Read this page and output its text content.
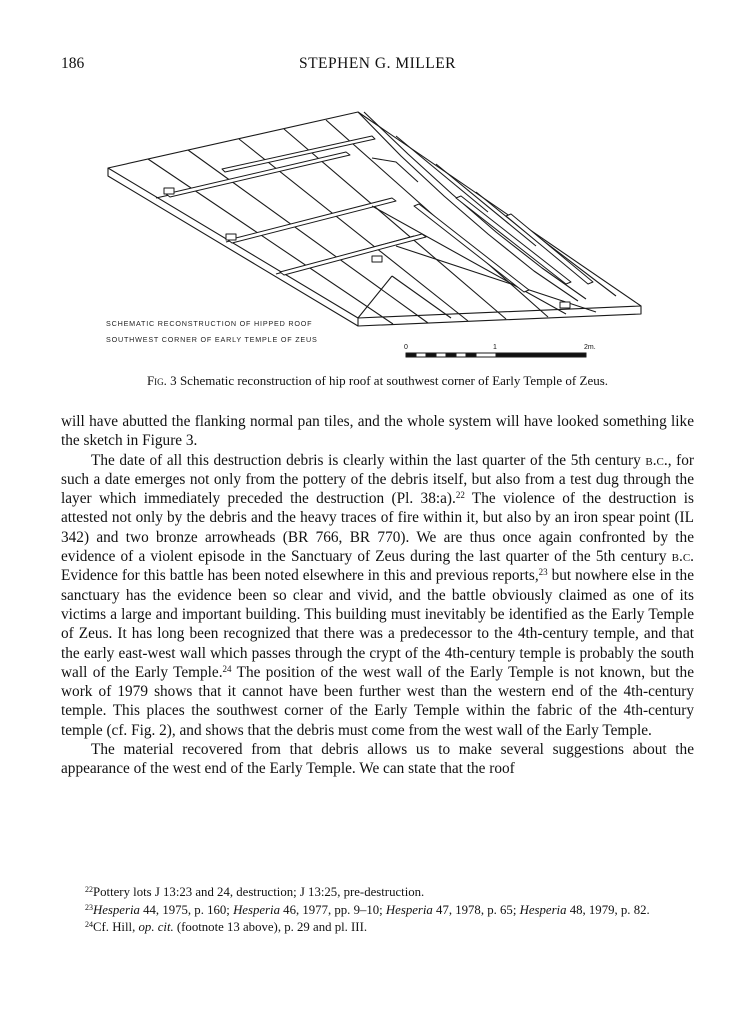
186	STEPHEN G. MILLER
0	1	2m.
SCHEMATIC RECONSTRUCTION OF HIPPED ROOF
SOUTHWEST CORNER OF EARLY TEMPLE OF ZEUS
Fig. 3 Schematic reconstruction of hip roof at southwest corner of Early Temple of Zeus.

will have abutted the flanking normal pan tiles, and the whole system will have looked something like the sketch in Figure 3.

The date of all this destruction debris is clearly within the last quarter of the 5th century b.c., for such a date emerges not only from the pottery of the debris itself, but also from a test dug through the layer which immediately preceded the destruction (Pl. 38:a).$^{22}$ The violence of the destruction is attested not only by the debris and the heavy traces of fire within it, but also by an iron spear point (IL 342) and two bronze arrowheads (BR 766, BR 770). We are thus once again confronted by the evidence of a violent episode in the Sanctuary of Zeus during the last quarter of the 5th century b.c. Evidence for this battle has been noted elsewhere in this and previous reports,$^{23}$ but nowhere else in the sanctuary has the evidence been so clear and vivid, and the battle obviously claimed as one of its victims a large and important building. This building must inevitably be identified as the Early Temple of Zeus. It has long been recognized that there was a predecessor to the 4th-century temple, and that the early east-west wall which passes through the crypt of the 4th-century temple is probably the south wall of the Early Temple.$^{24}$ The position of the west wall of the Early Temple is not known, but the work of 1979 shows that it cannot have been further west than the western end of the 4th-century temple. This places the southwest corner of the Early Temple within the fabric of the 4th-century temple (cf. Fig. 2), and shows that the debris must come from the west wall of the Early Temple.

The material recovered from that debris allows us to make several suggestions about the appearance of the west end of the Early Temple. We can state that the roof

$^{22}$Pottery lots J 13:23 and 24, destruction; J 13:25, pre-destruction.

$^{23}$Hesperia 44, 1975, p. 160; Hesperia 46, 1977, pp. 9–10; Hesperia 47, 1978, p. 65; Hesperia 48, 1979, p. 82.

$^{24}$Cf. Hill, op. cit. (footnote 13 above), p. 29 and pl. III.
